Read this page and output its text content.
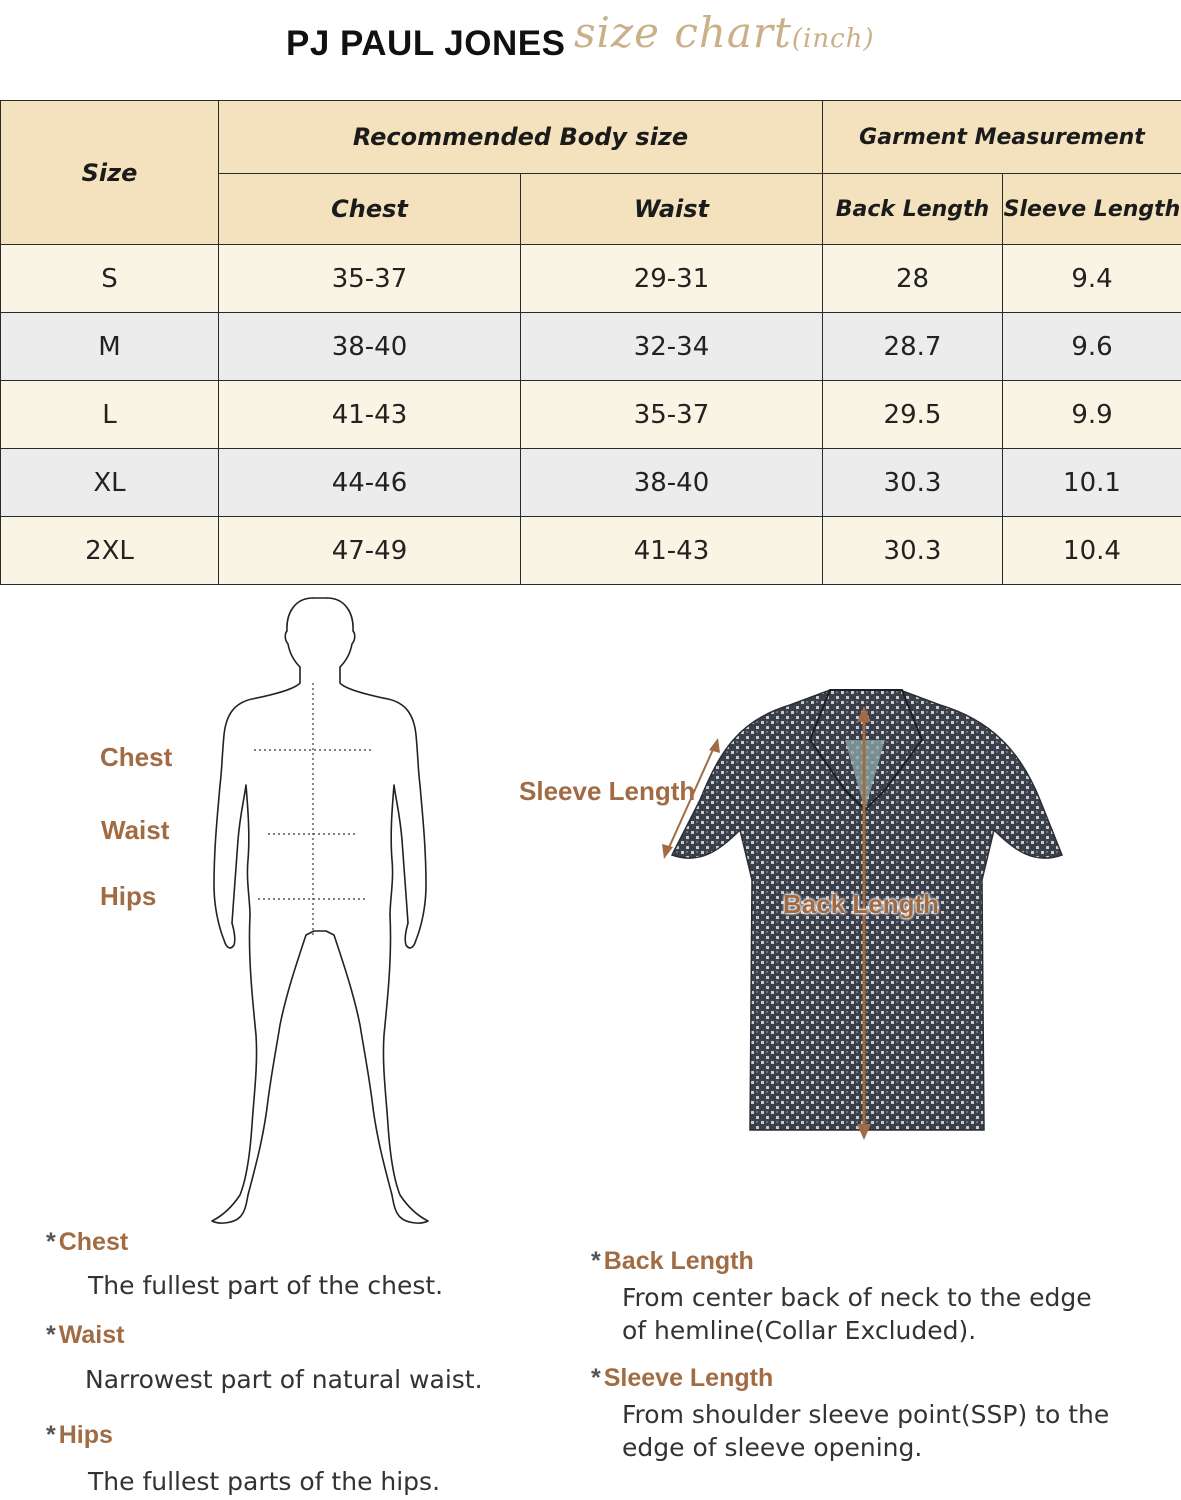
PJ PAUL JONES size chart(inch)
Size	Recommended Body size		Garment Measurement	
	Chest	Waist	Back Length	Sleeve Length
S	35-37	29-31	28	9.4
M	38-40	32-34	28.7	9.6
L	41-43	35-37	29.5	9.9
XL	44-46	38-40	30.3	10.1
2XL	47-49	41-43	30.3	10.4
Chest
Waist
Hips
Sleeve Length
Back Length
* Chest
The fullest part of the chest.
* Waist
Narrowest part of natural waist.
* Hips
The fullest parts of the hips.
* Back Length
From center back of neck to the edge
of hemline(Collar Excluded).
* Sleeve Length
From shoulder sleeve point(SSP) to the
edge of sleeve opening.
